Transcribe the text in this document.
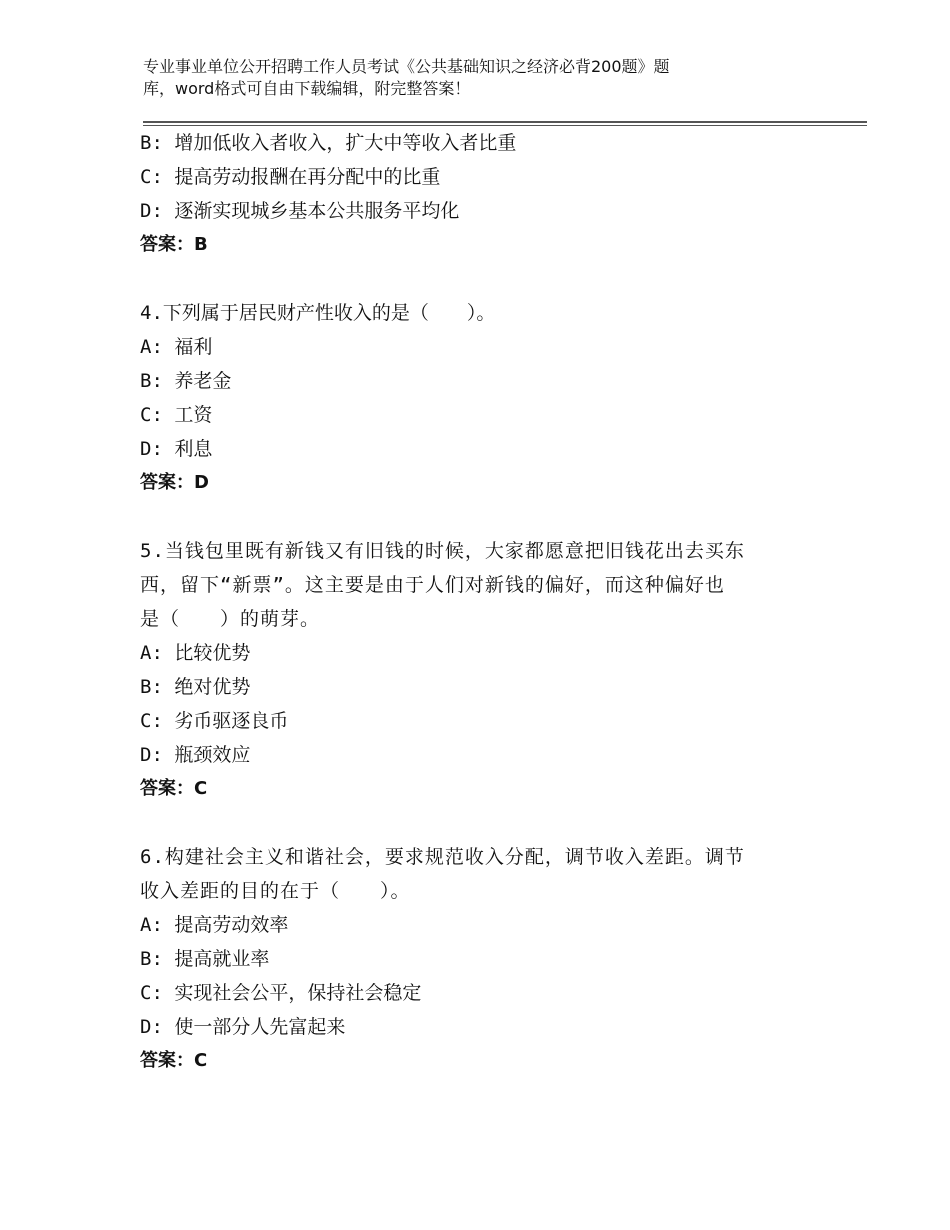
专业事业单位公开招聘工作人员考试《公共基础知识之经济必背200题》题
库，word格式可自由下载编辑，附完整答案！
B: 增加低收入者收入，扩大中等收入者比重
C: 提高劳动报酬在再分配中的比重
D: 逐渐实现城乡基本公共服务平均化
答案：B
4.下列属于居民财产性收入的是（　　）。
A: 福利
B: 养老金
C: 工资
D: 利息
答案：D
5.当钱包里既有新钱又有旧钱的时候，大家都愿意把旧钱花出去买东
西，留下“新票”。这主要是由于人们对新钱的偏好，而这种偏好也
是（　　）的萌芽。
A: 比较优势
B: 绝对优势
C: 劣币驱逐良币
D: 瓶颈效应
答案：C
6.构建社会主义和谐社会，要求规范收入分配，调节收入差距。调节
收入差距的目的在于（　　）。
A: 提高劳动效率
B: 提高就业率
C: 实现社会公平，保持社会稳定
D: 使一部分人先富起来
答案：C
